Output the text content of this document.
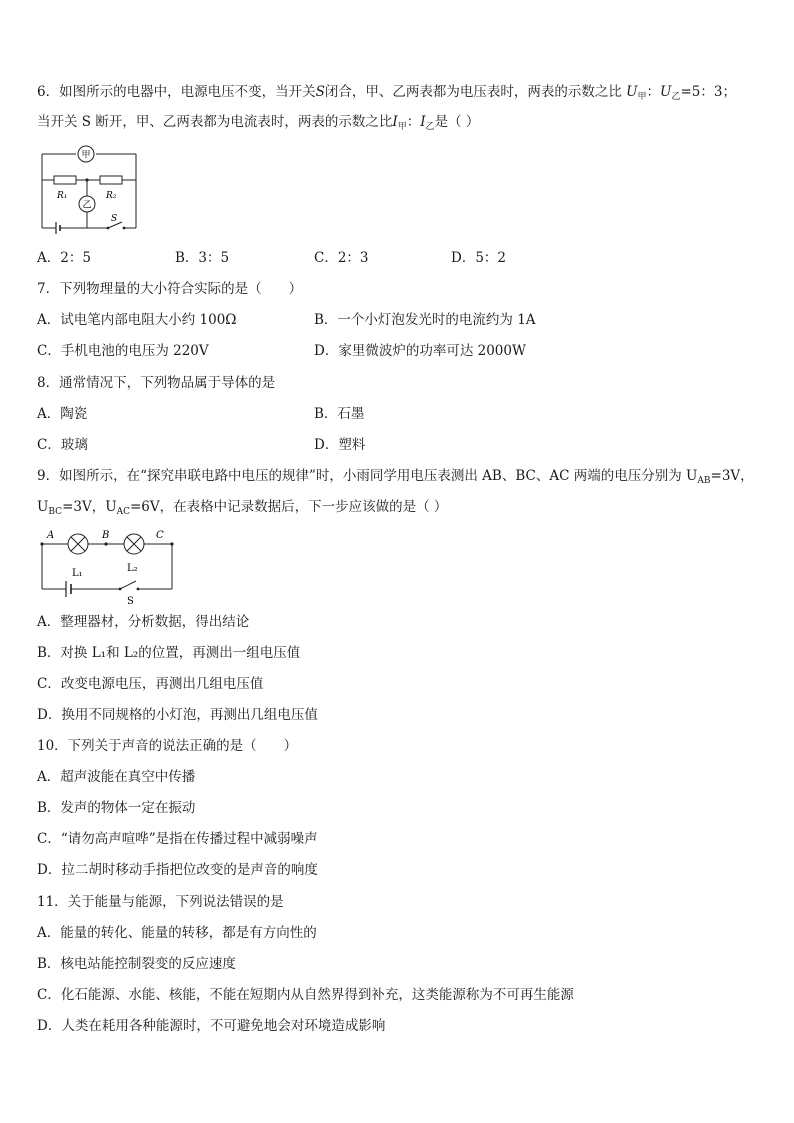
6．如图所示的电器中，电源电压不变，当开关S闭合，甲、乙两表都为电压表时，两表的示数之比 $U_甲$：$U_乙=5$：3；
当开关 S 断开，甲、乙两表都为电流表时，两表的示数之比$I_甲$：$I_乙$是（ ）
甲
乙
R₁	R₂
S
A．2：5	B．3：5	C．2：3	D．5：2
7．下列物理量的大小符合实际的是（　　）
A．试电笔内部电阻大小约 100Ω	B．一个小灯泡发光时的电流约为 1A
C．手机电池的电压为 220V	D．家里微波炉的功率可达 2000W
8．通常情况下，下列物品属于导体的是
A．陶瓷	B．石墨
C．玻璃	D．塑料
9．如图所示，在“探究串联电路中电压的规律”时，小雨同学用电压表测出 AB、BC、AC 两端的电压分别为 $U_{AB}=3V$，
$U_{BC}=3V$，$U_{AC}=6V$，在表格中记录数据后，下一步应该做的是（ ）
A	B	C
L₁	L₂
S
A．整理器材，分析数据，得出结论
B．对换 L₁和 L₂的位置，再测出一组电压值
C．改变电源电压，再测出几组电压值
D．换用不同规格的小灯泡，再测出几组电压值
10．下列关于声音的说法正确的是（　　）
A．超声波能在真空中传播
B．发声的物体一定在振动
C．“请勿高声喧哗”是指在传播过程中减弱噪声
D．拉二胡时移动手指把位改变的是声音的响度
11．关于能量与能源，下列说法错误的是
A．能量的转化、能量的转移，都是有方向性的
B．核电站能控制裂变的反应速度
C．化石能源、水能、核能，不能在短期内从自然界得到补充，这类能源称为不可再生能源
D．人类在耗用各种能源时，不可避免地会对环境造成影响
